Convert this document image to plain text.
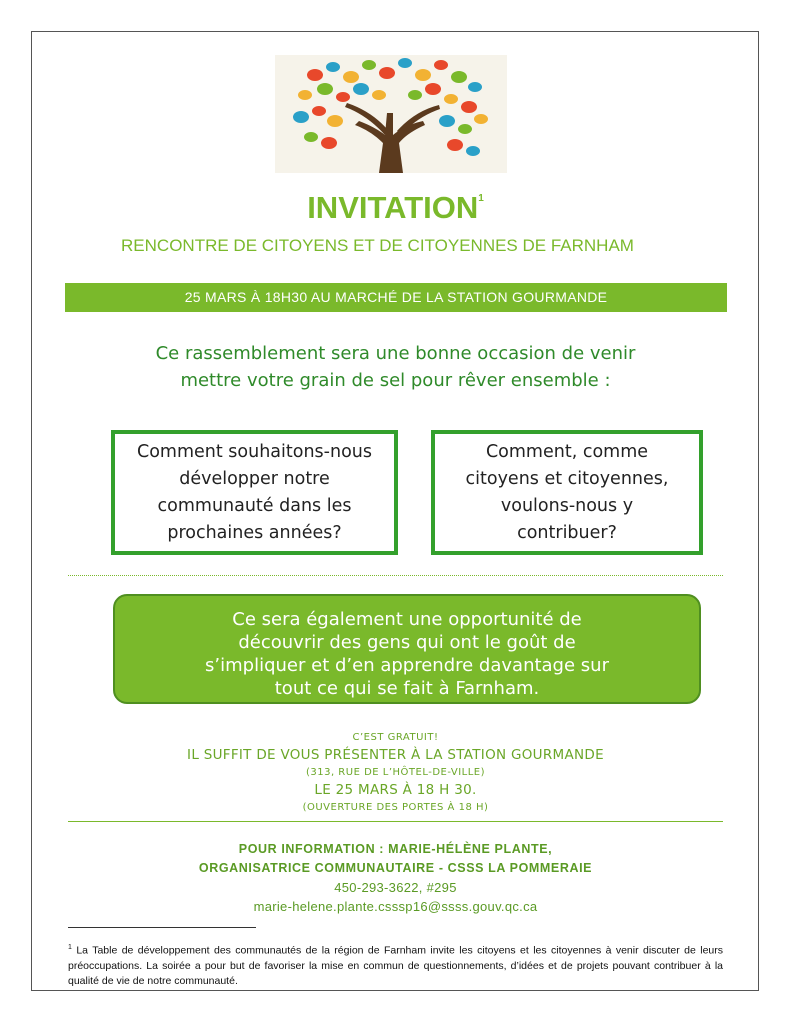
INVITATION$^1$
RENCONTRE DE CITOYENS ET DE CITOYENNES DE FARNHAM
25 MARS À 18H30 AU MARCHÉ DE LA STATION GOURMANDE
Ce rassemblement sera une bonne occasion de venir
mettre votre grain de sel pour rêver ensemble :
Comment souhaitons-nous
développer notre
communauté dans les
prochaines années?
Comment, comme
citoyens et citoyennes,
voulons-nous y
contribuer?
Ce sera également une opportunité de
découvrir des gens qui ont le goût de
s’impliquer et d’en apprendre davantage sur
tout ce qui se fait à Farnham.
C’EST GRATUIT!
IL SUFFIT DE VOUS PRÉSENTER À LA STATION GOURMANDE
(313, RUE DE L’HÔTEL-DE-VILLE)
LE 25 MARS À 18 H 30.
(OUVERTURE DES PORTES À 18 H)
POUR INFORMATION : MARIE-HÉLÈNE PLANTE,
ORGANISATRICE COMMUNAUTAIRE - CSSS LA POMMERAIE
450-293-3622, #295
marie-helene.plante.csssp16@ssss.gouv.qc.ca
$^1$ La Table de développement des communautés de la région de Farnham invite les citoyens et les citoyennes à venir discuter de leurs préoccupations. La soirée a pour but de favoriser la mise en commun de questionnements, d’idées et de projets pouvant contribuer à la qualité de vie de notre communauté.
